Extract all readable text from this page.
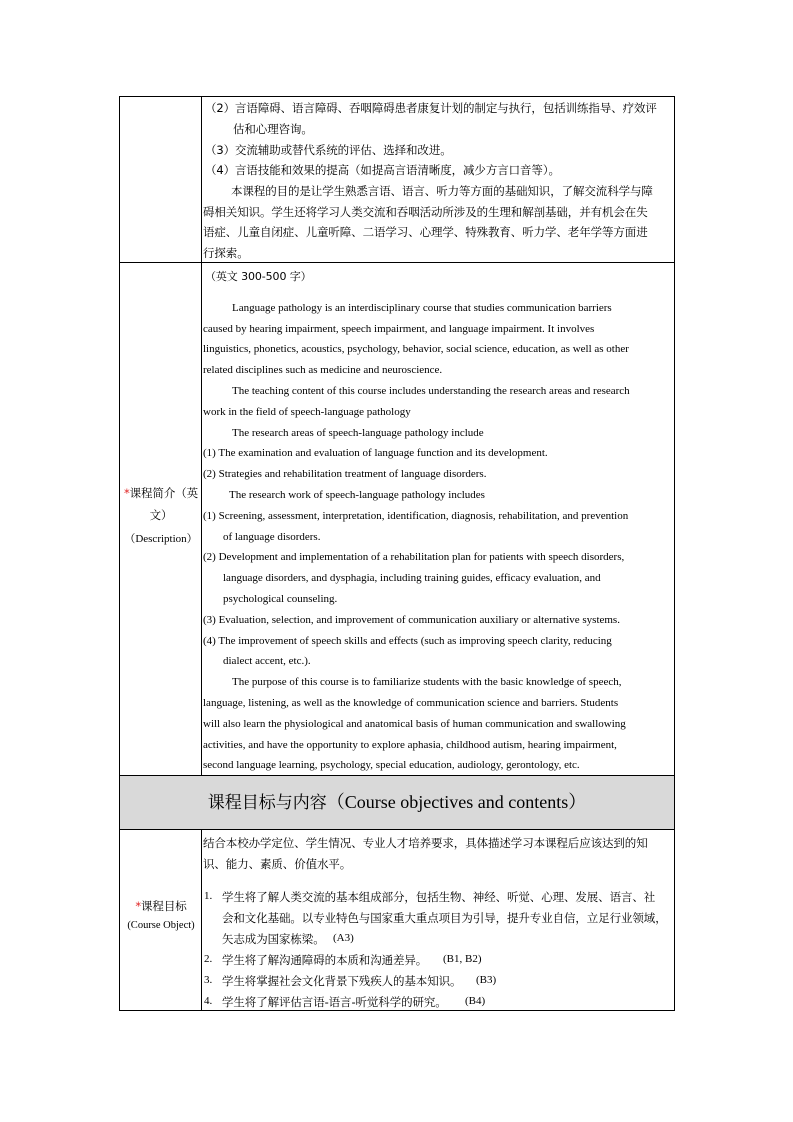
（2）言语障碍、语言障碍、吞咽障碍患者康复计划的制定与执行，包括训练指导、疗效评
估和心理咨询。
（3）交流辅助或替代系统的评估、选择和改进。
（4）言语技能和效果的提高（如提高言语清晰度，减少方言口音等）。
本课程的目的是让学生熟悉言语、语言、听力等方面的基础知识，了解交流科学与障
碍相关知识。学生还将学习人类交流和吞咽活动所涉及的生理和解剖基础，并有机会在失
语症、儿童自闭症、儿童听障、二语学习、心理学、特殊教育、听力学、老年学等方面进
行探索。
*课程简介（英
文）
（Description）
（英文 300-500 字）
Language pathology is an interdisciplinary course that studies communication barriers
caused by hearing impairment, speech impairment, and language impairment. It involves
linguistics, phonetics, acoustics, psychology, behavior, social science, education, as well as other
related disciplines such as medicine and neuroscience.
The teaching content of this course includes understanding the research areas and research
work in the field of speech-language pathology
The research areas of speech-language pathology include
(1) The examination and evaluation of language function and its development.
(2) Strategies and rehabilitation treatment of language disorders.
The research work of speech-language pathology includes
(1) Screening, assessment, interpretation, identification, diagnosis, rehabilitation, and prevention
of language disorders.
(2) Development and implementation of a rehabilitation plan for patients with speech disorders,
language disorders, and dysphagia, including training guides, efficacy evaluation, and
psychological counseling.
(3) Evaluation, selection, and improvement of communication auxiliary or alternative systems.
(4) The improvement of speech skills and effects (such as improving speech clarity, reducing
dialect accent, etc.).
The purpose of this course is to familiarize students with the basic knowledge of speech,
language, listening, as well as the knowledge of communication science and barriers. Students
will also learn the physiological and anatomical basis of human communication and swallowing
activities, and have the opportunity to explore aphasia, childhood autism, hearing impairment,
second language learning, psychology, special education, audiology, gerontology, etc.
课程目标与内容（Course objectives and contents）
*课程目标
(Course Object)
结合本校办学定位、学生情况、专业人才培养要求，具体描述学习本课程后应该达到的知
识、能力、素质、价值水平。
1. 学生将了解人类交流的基本组成部分，包括生物、神经、听觉、心理、发展、语言、社
会和文化基础。以专业特色与国家重大重点项目为引导，提升专业自信，立足行业领域，
矢志成为国家栋梁。 (A3)
2. 学生将了解沟通障碍的本质和沟通差异。 (B1, B2)
3. 学生将掌握社会文化背景下残疾人的基本知识。 (B3)
4. 学生将了解评估言语-语言-听觉科学的研究。 (B4)
